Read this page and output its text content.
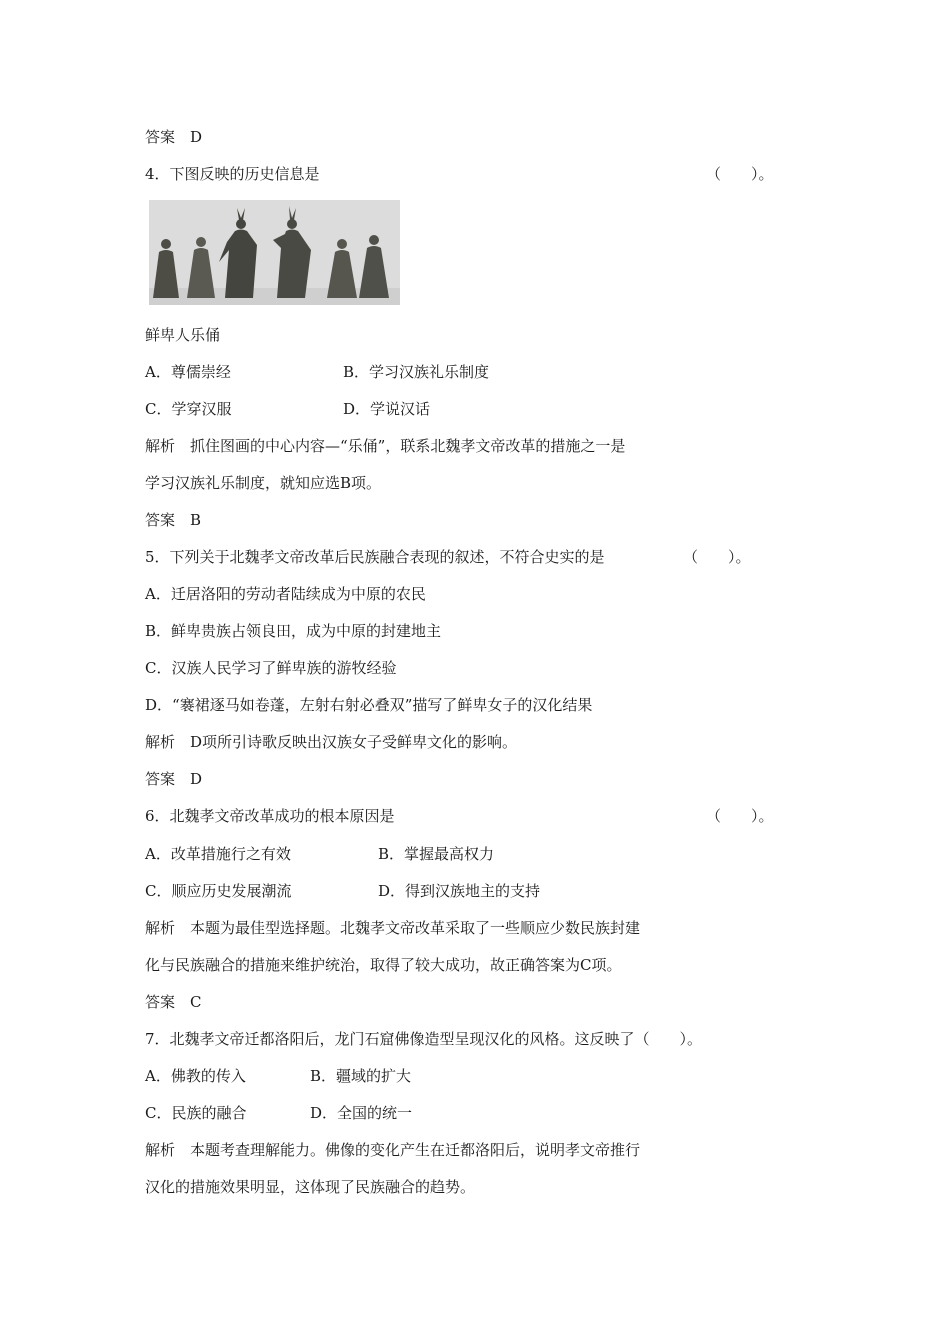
答案　D
4．下图反映的历史信息是	（　　）。
鲜卑人乐俑
A．尊儒崇经	B．学习汉族礼乐制度
C．学穿汉服	D．学说汉话
解析　抓住图画的中心内容—“乐俑”，联系北魏孝文帝改革的措施之一是
学习汉族礼乐制度，就知应选B项。
答案　B
5．下列关于北魏孝文帝改革后民族融合表现的叙述，不符合史实的是	（　　）。
A．迁居洛阳的劳动者陆续成为中原的农民
B．鲜卑贵族占领良田，成为中原的封建地主
C．汉族人民学习了鲜卑族的游牧经验
D．“褰裙逐马如卷蓬，左射右射必叠双”描写了鲜卑女子的汉化结果
解析　D项所引诗歌反映出汉族女子受鲜卑文化的影响。
答案　D
6．北魏孝文帝改革成功的根本原因是	（　　）。
A．改革措施行之有效	B．掌握最高权力
C．顺应历史发展潮流	D．得到汉族地主的支持
解析　本题为最佳型选择题。北魏孝文帝改革采取了一些顺应少数民族封建
化与民族融合的措施来维护统治，取得了较大成功，故正确答案为C项。
答案　C
7．北魏孝文帝迁都洛阳后，龙门石窟佛像造型呈现汉化的风格。这反映了（　　）。
A．佛教的传入	B．疆域的扩大
C．民族的融合	D．全国的统一
解析　本题考查理解能力。佛像的变化产生在迁都洛阳后，说明孝文帝推行
汉化的措施效果明显，这体现了民族融合的趋势。
